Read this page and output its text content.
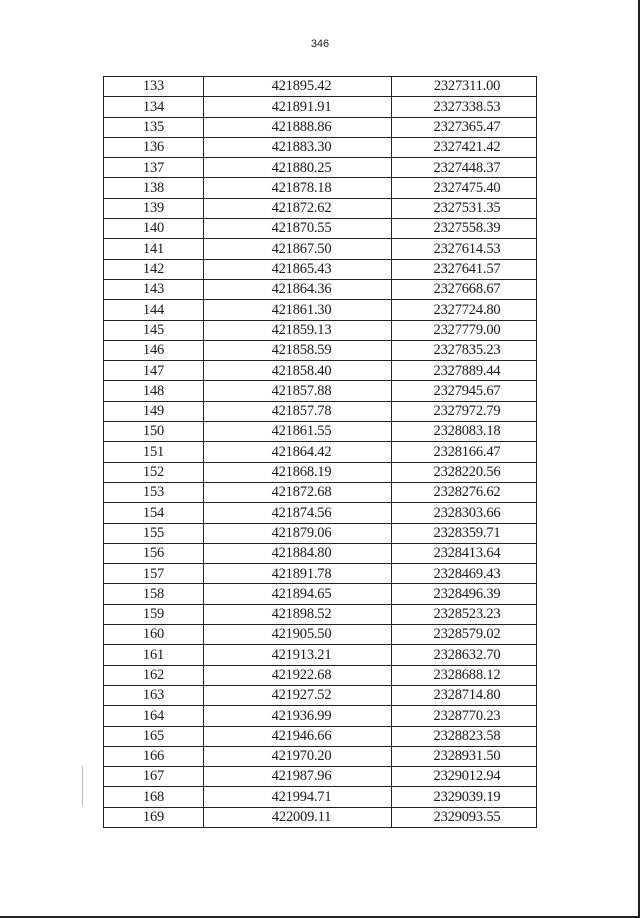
346
133	421895.42	2327311.00
134	421891.91	2327338.53
135	421888.86	2327365.47
136	421883.30	2327421.42
137	421880.25	2327448.37
138	421878.18	2327475.40
139	421872.62	2327531.35
140	421870.55	2327558.39
141	421867.50	2327614.53
142	421865.43	2327641.57
143	421864.36	2327668.67
144	421861.30	2327724.80
145	421859.13	2327779.00
146	421858.59	2327835.23
147	421858.40	2327889.44
148	421857.88	2327945.67
149	421857.78	2327972.79
150	421861.55	2328083.18
151	421864.42	2328166.47
152	421868.19	2328220.56
153	421872.68	2328276.62
154	421874.56	2328303.66
155	421879.06	2328359.71
156	421884.80	2328413.64
157	421891.78	2328469.43
158	421894.65	2328496.39
159	421898.52	2328523.23
160	421905.50	2328579.02
161	421913.21	2328632.70
162	421922.68	2328688.12
163	421927.52	2328714.80
164	421936.99	2328770.23
165	421946.66	2328823.58
166	421970.20	2328931.50
167	421987.96	2329012.94
168	421994.71	2329039.19
169	422009.11	2329093.55
